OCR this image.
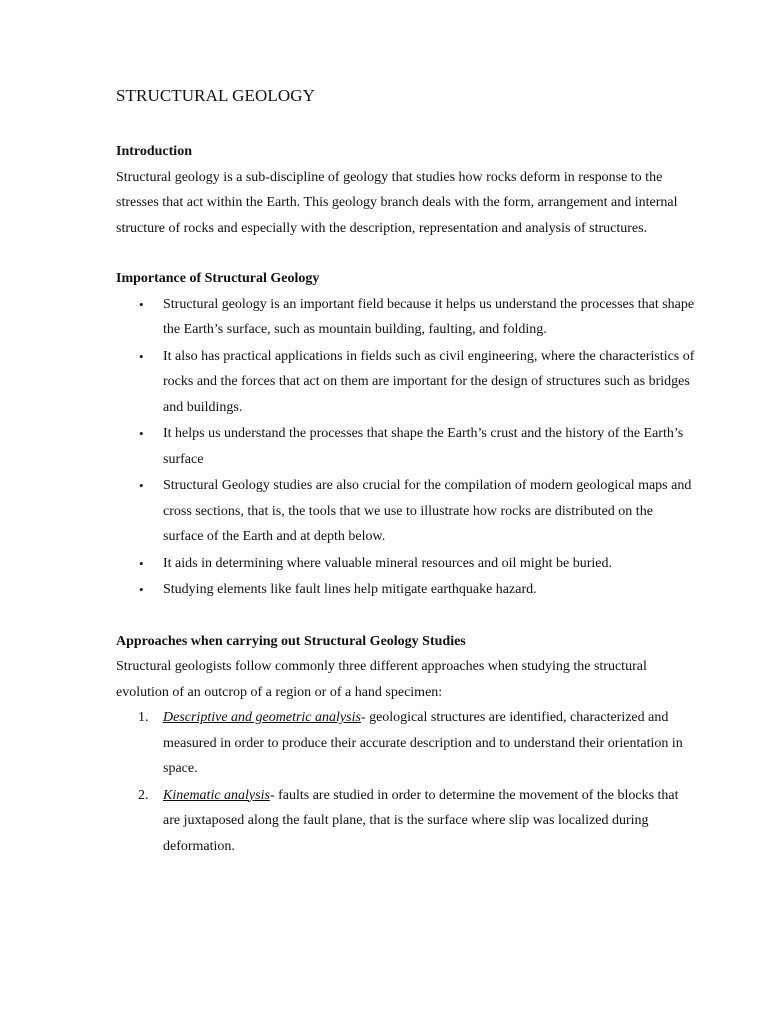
STRUCTURAL GEOLOGY
Introduction

Structural geology is a sub-discipline of geology that studies how rocks deform in response to the stresses that act within the Earth. This geology branch deals with the form, arrangement and internal structure of rocks and especially with the description, representation and analysis of structures.

Importance of Structural Geology
• Structural geology is an important field because it helps us understand the processes that shape the Earth’s surface, such as mountain building, faulting, and folding.
• It also has practical applications in fields such as civil engineering, where the characteristics of rocks and the forces that act on them are important for the design of structures such as bridges and buildings.
• It helps us understand the processes that shape the Earth’s crust and the history of the Earth’s surface
• Structural Geology studies are also crucial for the compilation of modern geological maps and cross sections, that is, the tools that we use to illustrate how rocks are distributed on the surface of the Earth and at depth below.
• It aids in determining where valuable mineral resources and oil might be buried.
• Studying elements like fault lines help mitigate earthquake hazard.
Approaches when carrying out Structural Geology Studies

Structural geologists follow commonly three different approaches when studying the structural evolution of an outcrop of a region or of a hand specimen:

1. Descriptive and geometric analysis- geological structures are identified, characterized and measured in order to produce their accurate description and to understand their orientation in space.
2. Kinematic analysis- faults are studied in order to determine the movement of the blocks that are juxtaposed along the fault plane, that is the surface where slip was localized during deformation.
